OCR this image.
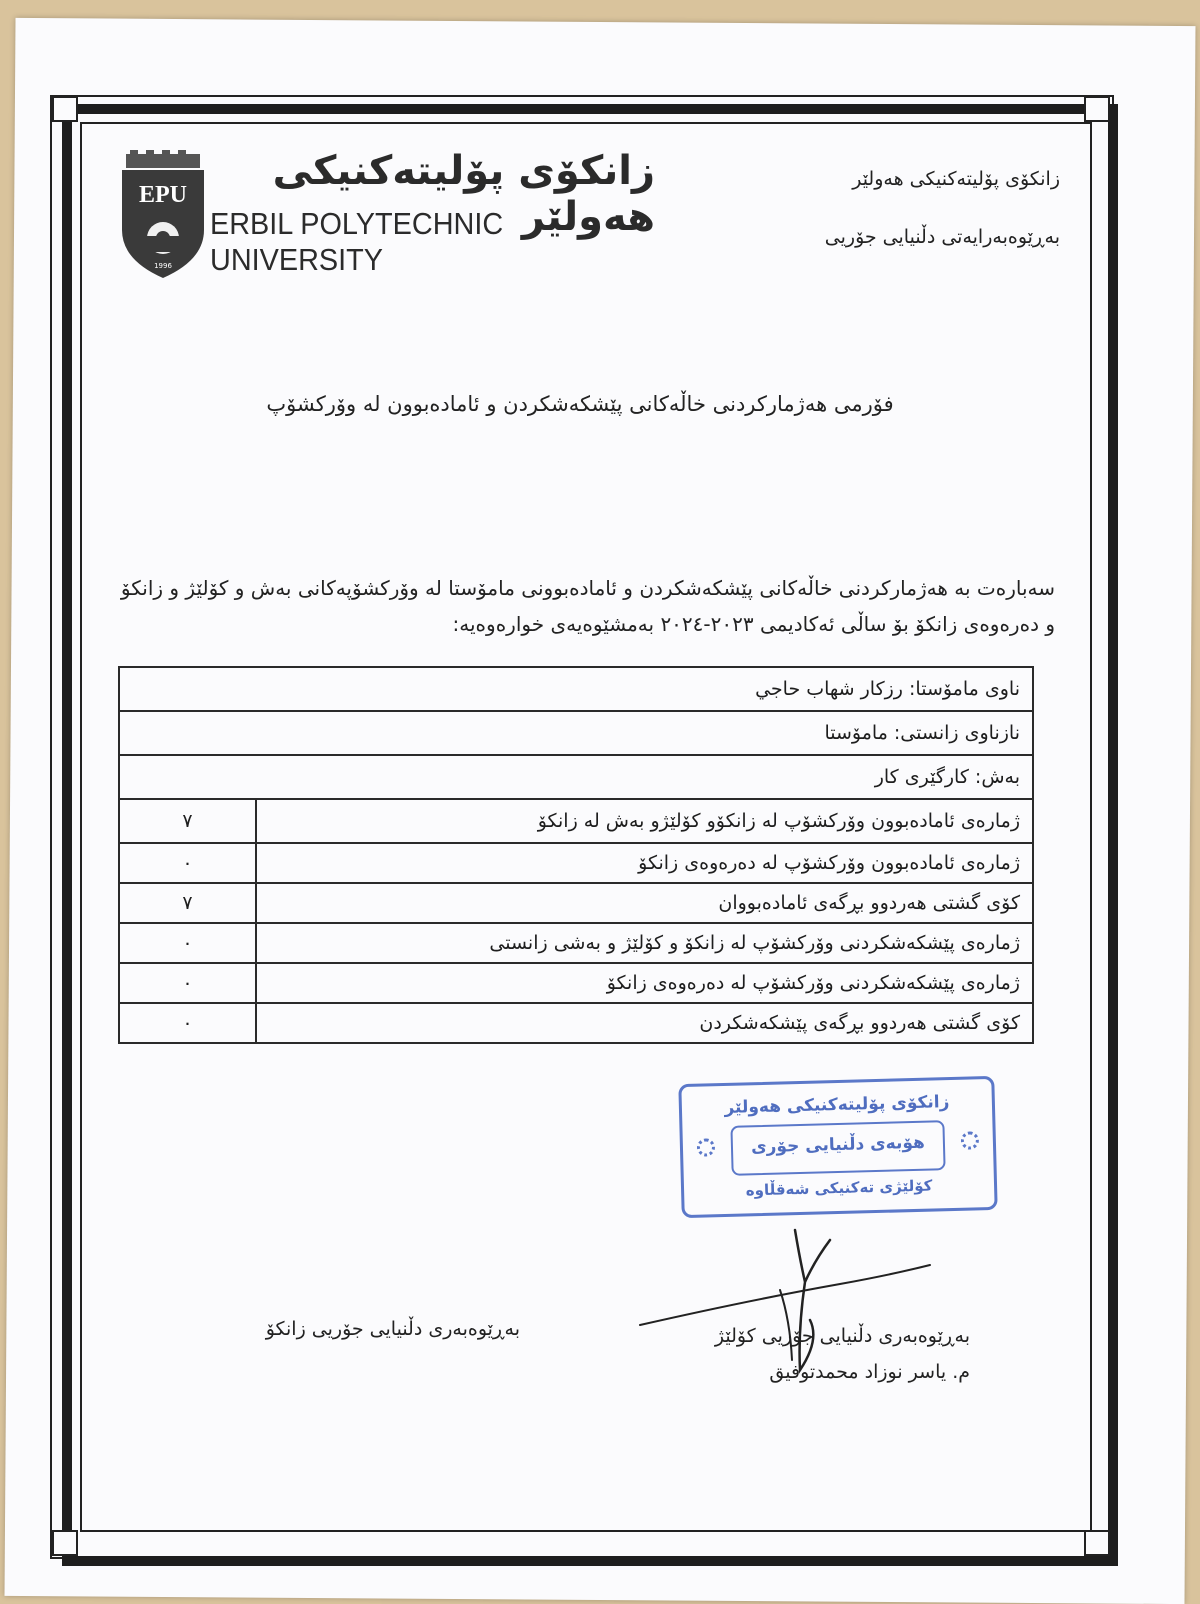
EPU
1996
زانكۆی پۆلیتەكنیكی هەولێر
ERBIL POLYTECHNIC UNIVERSITY
زانكۆی پۆلیتەكنیكی هەولێر
بەڕێوەبەرایەتی دڵنیایی جۆریی
فۆرمی هەژمارکردنی خاڵەکانی پێشکەشکردن و ئامادەبوون لە وۆرکشۆپ
سەبارەت بە هەژمارکردنی خاڵەکانی پێشکەشکردن و ئامادەبوونی مامۆستا لە وۆرکشۆپەکانی بەش و کۆلێژ و زانکۆ و دەرەوەی زانکۆ بۆ ساڵی ئەکادیمی ٢٠٢٣-٢٠٢٤ بەمشێوەیەی خوارەوەیە:
ناوی مامۆستا: رزكار شهاب حاجي	
نازناوی زانستی: مامۆستا	
بەش: کارگێری کار	
ژمارەی ئامادەبوون وۆرکشۆپ لە زانكۆو كۆلێژو بەش لە زانكۆ	٧
ژمارەی ئامادەبوون وۆرکشۆپ لە دەرەوەی زانكۆ	٠
كۆی گشتی هەردوو بڕگەی ئامادەبووان	٧
ژمارەی پێشکەشکردنی وۆرکشۆپ لە زانكۆ و کۆلێژ و بەشی زانستی	٠
ژمارەی پێشکەشکردنی وۆرکشۆپ لە دەرەوەی زانكۆ	٠
کۆی گشتی هەردوو بڕگەی پێشکەشکردن	٠
زانكۆی پۆلیتەكنیكی هەولێر
هۆبەی دڵنیایی جۆری
كۆلێژی تەكنیكی شەقڵاوە
بەڕێوەبەری دڵنیایی جۆریی زانكۆ	بەڕێوەبەری دڵنیایی جۆریی كۆلێژ
م. یاسر نوزاد محمدتوفیق
